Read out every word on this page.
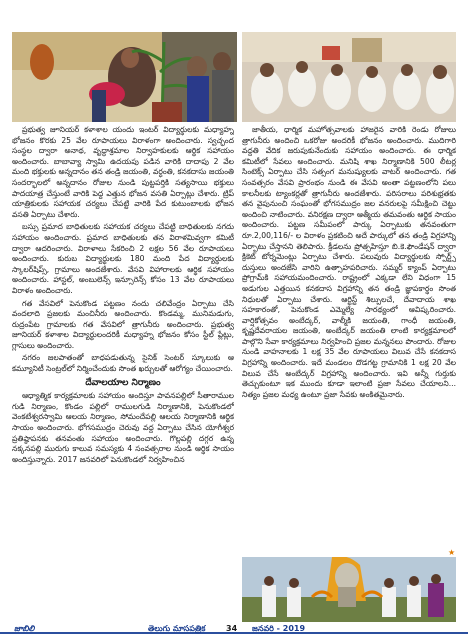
ప్రభుత్వ జూనియర్ కళాశాల యందు ఇంటర్ విద్యార్థులకు మధ్యాహ్న భోజనం కొరకు 25 వేల రూపాయలు విరాళంగా అందించారు. స్వచ్ఛంద సంస్థల ద్వారా అనాథ, వృద్ధాశ్రమాల నిర్వాహకులకు ఆర్థిక సహాయం అందించారు. బాబావ్యా స్వామి ఉదయపు పడిన వారికి దాదాపు 2 వేల మంది భక్తులకు అన్నదానం తన తండ్రి జయంతి, వర్ధంతి, కనకదాసు జయంతి సందర్భాలలో అన్నదానం రోజుల నుండి పుట్టపర్తికి సత్యసాయి భక్తులు పాదయాత్ర చేస్తుంటే వారికి పెద్ద ఎత్తున భోజన వసతి ఏర్పాట్లు చేశారు. ట్రిప్ యాత్రికులకు సహాయక చర్యలు చేపట్టి వారికి పేద కుటుంబాలకు భోజన వసతి ఏర్పాటు చేశారు.

బస్సు ప్రమాద బాధితులకు సహాయక చర్యలు చేపట్టి బాధితులకు నగదు సహాయం అందించారు. ప్రమాద బాధితులకు తన విరాళమివ్వగా కమిటీ ద్వారా ఆదరించారు. విరాళాలు సేకరించి 2 లక్షల 56 వేల రూపాయలు అందించారు. కురుబ విద్యార్థులకు 180 మంది పేద విద్యార్థులకు స్కాలర్‌షిప్స్, గ్రామాలు అందజేశారు. వేసవి విహారాలకు ఆర్థిక సహాయం అందించారు. హాస్టల్, అంబులెన్స్ ఇన్సూరెన్స్ కోసం 13 వేల రూపాయలు విరాళం అందించారు.

గత వేసవిలో పెనుకొండ పట్టణం నందు చలివేంద్రం ఏర్పాటు చేసి వందలాది ప్రజలకు మంచినీరు అందించారు. కొండమ్మ, మునిమడుగు, రుద్రంపేట గ్రామాలకు గత వేసవిలో త్రాగునీరు అందించారు. ప్రభుత్వ జూనియర్ కళాశాల విద్యార్థులందరికీ మధ్యాహ్న భోజనం కోసం స్టీల్ ప్లేట్లు, గ్లాసులు అందించారు.

నగరం జలపాతంతో బాధపడుతున్న సైనిక్ సెంటర్ స్కూలుకు ఆ కమ్యూనిటీ సెంట్రల్‌లో నిర్మించేందుకు సొంత ఖర్చులతో ఆరోగ్యం చేయించారు.

దేవాలయాల నిర్మాణం

ఆధ్యాత్మిక కార్యక్రమాలకు సహాయం అందిస్తూ పావనపల్లిలో సీతారాముల గుడి నిర్మాణం, కొండం పల్లిలో రాములగుడి నిర్మాణానికి, పెనుకొండలో వెంకటేశ్వరస్వామి ఆలయ నిర్మాణం, సోమందేపల్లి ఆలయ నిర్మాణానికి ఆర్థిక సాయం అందించారు. భోగసముద్రం చెరువు వద్ద ఏర్పాటు చేసిన యోగీశ్వర ప్రతిష్ఠాపనకు తనవంతు సహాయం అందించారు. గొల్లపల్లి దగ్గర ఉన్న నక్కనపల్లి మురుగు కాలువ సమస్యకు 4 సంవత్సరాల నుండి ఆర్థిక సాయం అందిస్తున్నారు. 2017 జనవరిలో పెనుకొండలో నిర్వహించిన

జాతీయ, ధార్మిక మహోత్సవాలకు హాజరైన వారికి రెండు రోజులు త్రాగునీరు అందించి ఒకరోజు అందరికీ భోజనం అందించారు. ముదిగారి వద్దతి వేదిక జరుపుకునేందుకు సహాయం అందించారు. ఈ ధార్మిక కమిటీలో సేవలు అందించారు. మనిషి శాఖ నిర్మాణానికి 500 లీటర్ల సింటెక్స్ ఏర్పాటు చేసి సత్సంగ మనుష్యులకు వాటర్ అందించారు. గత సంవత్సరం వేసవి ప్రారంభం నుండి ఈ వేసవి అంతా పట్టణంలోని పలు కాలనీలకు ట్యాంకర్లతో త్రాగునీరు అందజేశారు. పరిసరాలు పరిశుభ్రతకు తన వైపునుంచి సంఘంతో భోగసముద్రం జల వనరులపై సమీక్షించి చెట్టు అందించి నాటించారు. వనిరక్షణ ద్వారా ఆత్మీయ తమవంతు ఆర్థిక సాయం అందించారు. పట్టణ సమీపంలో పార్కు ఏర్పాటుకు తనవంతుగా రూ.2,00,116/- ల విరాళం ప్రకటించి అదే పార్కులో తన తండ్రి విగ్రహాన్ని ఏర్పాటు చేస్తానని తెలిపారు. క్రీడలను ప్రోత్సహిస్తూ బి.కె.ఫౌండేషన్ ద్వారా క్రికెట్ టోర్నమెంట్లు ఏర్పాటు చేశారు. పలువురు విద్యార్థులకు స్పోర్ట్స్ దుస్తులు అందజేసి వారిని ఉత్సాహపరిచారు. సమ్మర్ క్యాంప్ ఏర్పాటు ప్రోగ్రామ్‌కి సహాయమందించారు. రాష్ట్రంలో ఎక్కడా లేని విధంగా 15 అడుగుల ఎత్తయిన కనకదాస విగ్రహాన్ని తన తండ్రి జ్ఞాపకార్థం సొంత నిధులతో ఏర్పాటు చేశారు. ఆర్టిస్ట్ శిల్పులచే, దేవాదాయ శాఖ సహకారంతో, పెనుకొండ ఎమ్మెల్యే సారథ్యంలో ఆవిష్కరించారు. వార్షికోత్సవం అంబేద్కర్, వాల్మీకి జయంతి, గాంధీ జయంతి, కృష్ణదేవరాయల జయంతి, అంబేద్కర్ జయంతి లాంటి కార్యక్రమాలలో పాల్గొని సేవా కార్యక్రమాలు నిర్వహించి ప్రజల మన్ననలు పొందారు. రోజుల నుండి వాహనాలకు 1 లక్ష 35 వేల రూపాయలు విలువ చేసే కనకదాస విగ్రహాన్ని అందించారు. ఇదే మండలం దొడగట్ట గ్రామానికి 1 లక్ష 20 వేల విలువ చేసే అంబేద్కర్ విగ్రహాన్ని అందించారు. ఇవి అన్నీ గుర్తుకు తెచ్చుకుంటూ ఇక ముందు కూడా ఇలాంటి ప్రజా సేవలు చేయాలని... నిత్యం ప్రజల మధ్య ఉంటూ ప్రజా సేవకు అంకితమైనారు.

★
జాబిలి	తెలుగు మాసపత్రిక	34 జనవరి - 2019
